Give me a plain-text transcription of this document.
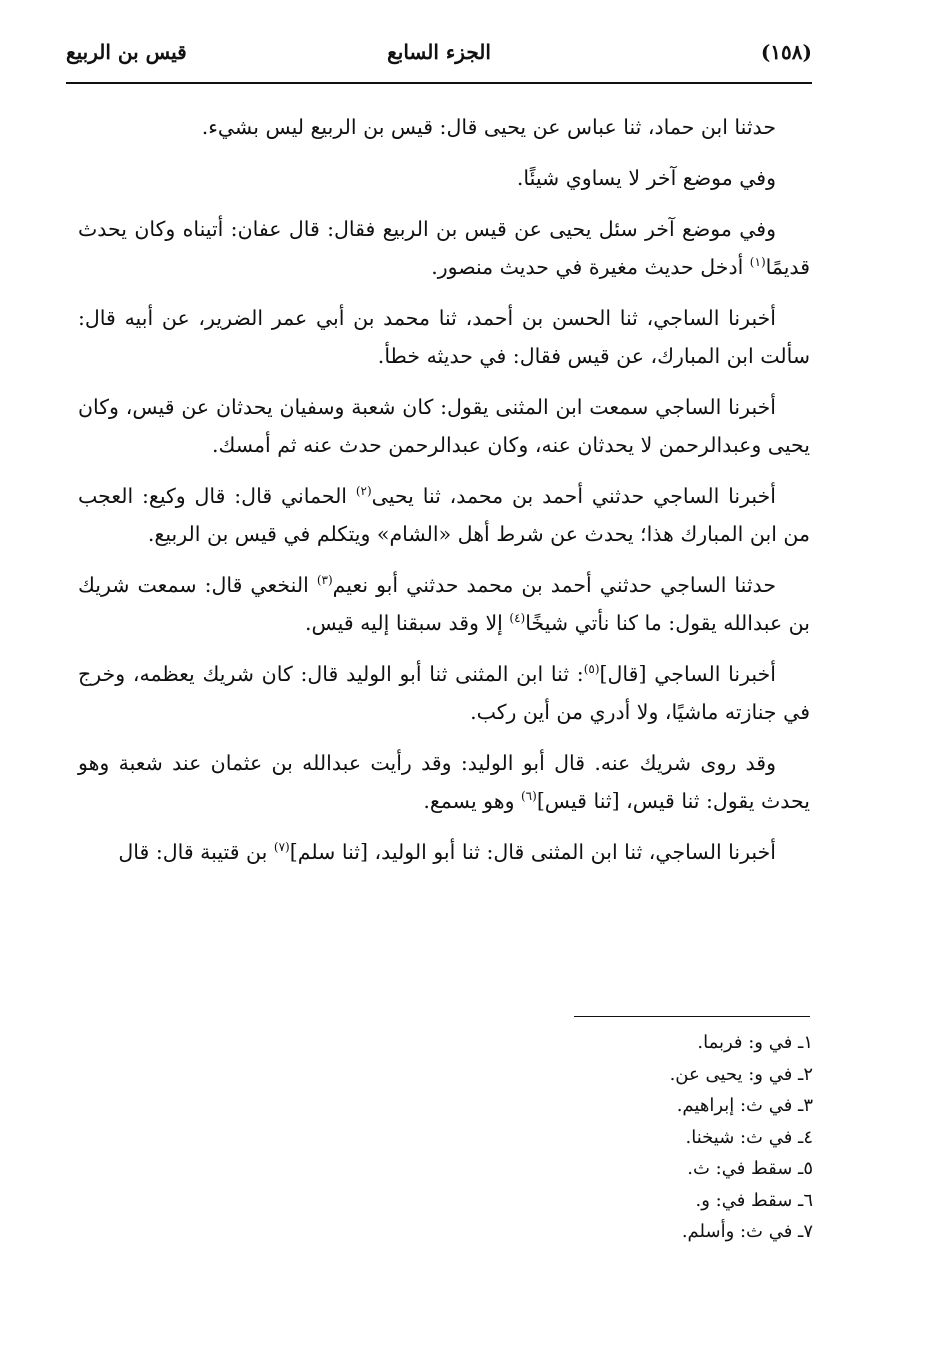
(١٥٨)
الجزء السابع
قيس بن الربيع

حدثنا ابن حماد، ثنا عباس عن يحيى قال: قيس بن الربيع ليس بشيء.

وفي موضع آخر لا يساوي شيئًا.

وفي موضع آخر سئل يحيى عن قيس بن الربيع فقال: قال عفان: أتيناه وكان يحدث قديمًا$^{(١)}$ أدخل حديث مغيرة في حديث منصور.

أخبرنا الساجي، ثنا الحسن بن أحمد، ثنا محمد بن أبي عمر الضرير، عن أبيه قال: سألت ابن المبارك، عن قيس فقال: في حديثه خطأ.

أخبرنا الساجي سمعت ابن المثنى يقول: كان شعبة وسفيان يحدثان عن قيس، وكان يحيى وعبدالرحمن لا يحدثان عنه، وكان عبدالرحمن حدث عنه ثم أمسك.

أخبرنا الساجي حدثني أحمد بن محمد، ثنا يحيى$^{(٢)}$ الحماني قال: قال وكيع: العجب من ابن المبارك هذا؛ يحدث عن شرط أهل «الشام» ويتكلم في قيس بن الربيع.

حدثنا الساجي حدثني أحمد بن محمد حدثني أبو نعيم$^{(٣)}$ النخعي قال: سمعت شريك بن عبدالله يقول: ما كنا نأتي شيخًا$^{(٤)}$ إلا وقد سبقنا إليه قيس.

أخبرنا الساجي [قال]$^{(٥)}$: ثنا ابن المثنى ثنا أبو الوليد قال: كان شريك يعظمه، وخرج في جنازته ماشيًا، ولا أدري من أين ركب.

وقد روى شريك عنه. قال أبو الوليد: وقد رأيت عبدالله بن عثمان عند شعبة وهو يحدث يقول: ثنا قيس، [ثنا قيس]$^{(٦)}$ وهو يسمع.

أخبرنا الساجي، ثنا ابن المثنى قال: ثنا أبو الوليد، [ثنا سلم]$^{(٧)}$ بن قتيبة قال: قال

١ـ في و: فربما.
٢ـ في و: يحيى عن.
٣ـ في ث: إبراهيم.
٤ـ في ث: شيخنا.
٥ـ سقط في: ث.
٦ـ سقط في: و.
٧ـ في ث: وأسلم.
